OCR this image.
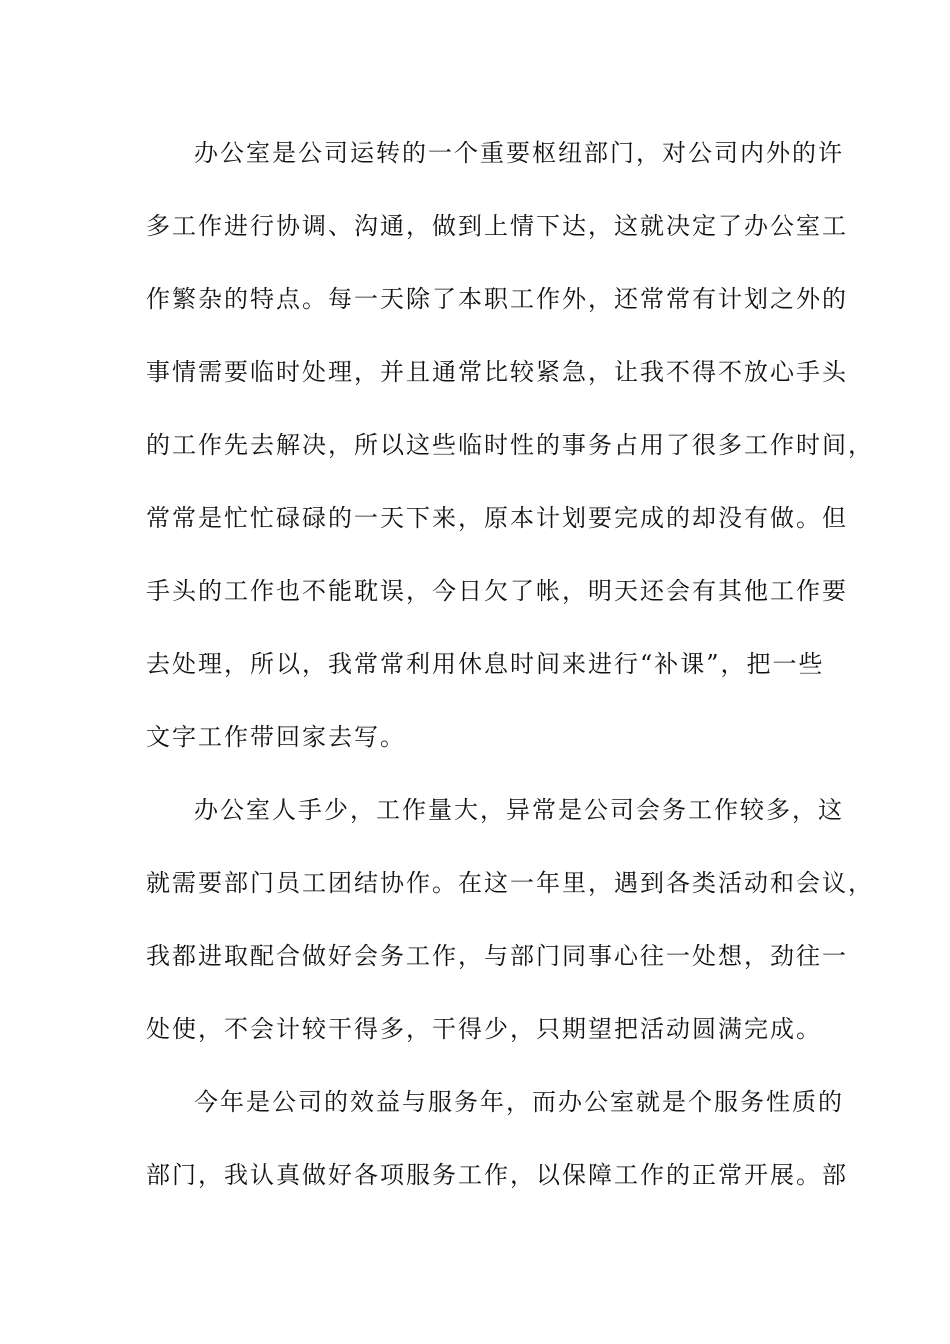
办公室是公司运转的一个重要枢纽部门，对公司内外的许
多工作进行协调、沟通，做到上情下达，这就决定了办公室工
作繁杂的特点。每一天除了本职工作外，还常常有计划之外的
事情需要临时处理，并且通常比较紧急，让我不得不放心手头
的工作先去解决，所以这些临时性的事务占用了很多工作时间，
常常是忙忙碌碌的一天下来，原本计划要完成的却没有做。但
手头的工作也不能耽误，今日欠了帐，明天还会有其他工作要
去处理，所以，我常常利用休息时间来进行“补课”，把一些
文字工作带回家去写。
办公室人手少，工作量大，异常是公司会务工作较多，这
就需要部门员工团结协作。在这一年里，遇到各类活动和会议，
我都进取配合做好会务工作，与部门同事心往一处想，劲往一
处使，不会计较干得多，干得少，只期望把活动圆满完成。
今年是公司的效益与服务年，而办公室就是个服务性质的
部门，我认真做好各项服务工作，以保障工作的正常开展。部
